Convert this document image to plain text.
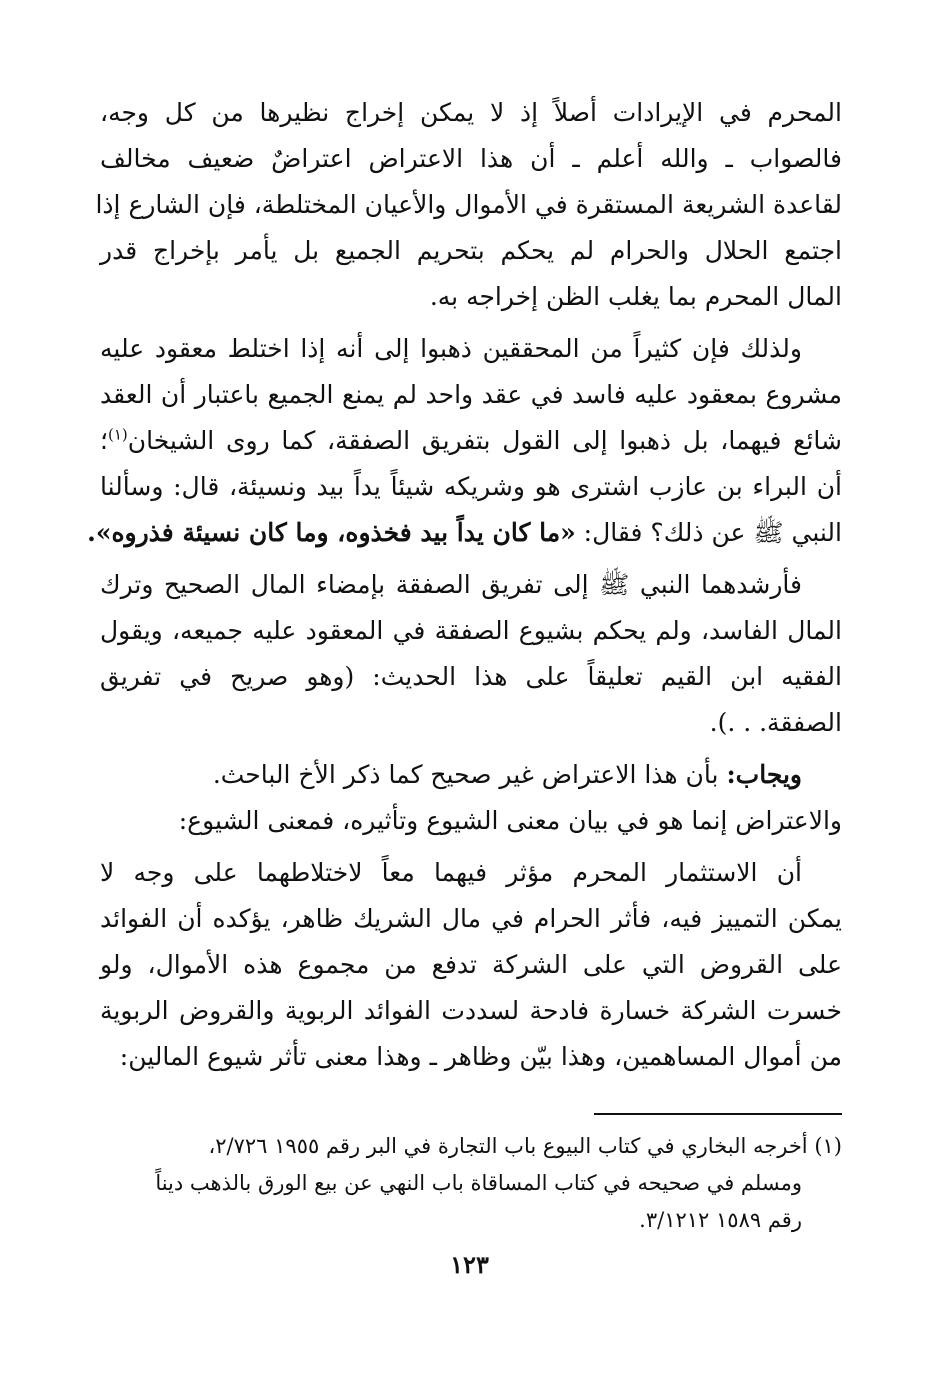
المحرم في الإيرادات أصلاً إذ لا يمكن إخراج نظيرها من كل وجه،
فالصواب ـ والله أعلم ـ أن هذا الاعتراض اعتراضٌ ضعيف مخالف
لقاعدة الشريعة المستقرة في الأموال والأعيان المختلطة، فإن الشارع إذا
اجتمع الحلال والحرام لم يحكم بتحريم الجميع بل يأمر بإخراج قدر
المال المحرم بما يغلب الظن إخراجه به.
ولذلك فإن كثيراً من المحققين ذهبوا إلى أنه إذا اختلط معقود عليه
مشروع بمعقود عليه فاسد في عقد واحد لم يمنع الجميع باعتبار أن العقد
شائع فيهما، بل ذهبوا إلى القول بتفريق الصفقة، كما روى الشيخان$^{(١)}$؛
أن البراء بن عازب اشترى هو وشريكه شيئاً يداً بيد ونسيئة، قال: وسألنا
النبي ﷺ عن ذلك؟ فقال: «ما كان يداً بيد فخذوه، وما كان نسيئة فذروه».
فأرشدهما النبي ﷺ إلى تفريق الصفقة بإمضاء المال الصحيح وترك
المال الفاسد، ولم يحكم بشيوع الصفقة في المعقود عليه جميعه، ويقول
الفقيه ابن القيم تعليقاً على هذا الحديث: (وهو صريح في تفريق
الصفقة. . .).
ويجاب: بأن هذا الاعتراض غير صحيح كما ذكر الأخ الباحث.
والاعتراض إنما هو في بيان معنى الشيوع وتأثيره، فمعنى الشيوع:
أن الاستثمار المحرم مؤثر فيهما معاً لاختلاطهما على وجه لا
يمكن التمييز فيه، فأثر الحرام في مال الشريك ظاهر، يؤكده أن الفوائد
على القروض التي على الشركة تدفع من مجموع هذه الأموال، ولو
خسرت الشركة خسارة فادحة لسددت الفوائد الربوية والقروض الربوية
من أموال المساهمين، وهذا بيّن وظاهر ـ وهذا معنى تأثر شيوع المالين:
(١) أخرجه البخاري في كتاب البيوع باب التجارة في البر رقم ١٩٥٥ ٢/٧٢٦،
ومسلم في صحيحه في كتاب المساقاة باب النهي عن بيع الورق بالذهب ديناً
رقم ١٥٨٩ ٣/١٢١٢.
١٢٣
